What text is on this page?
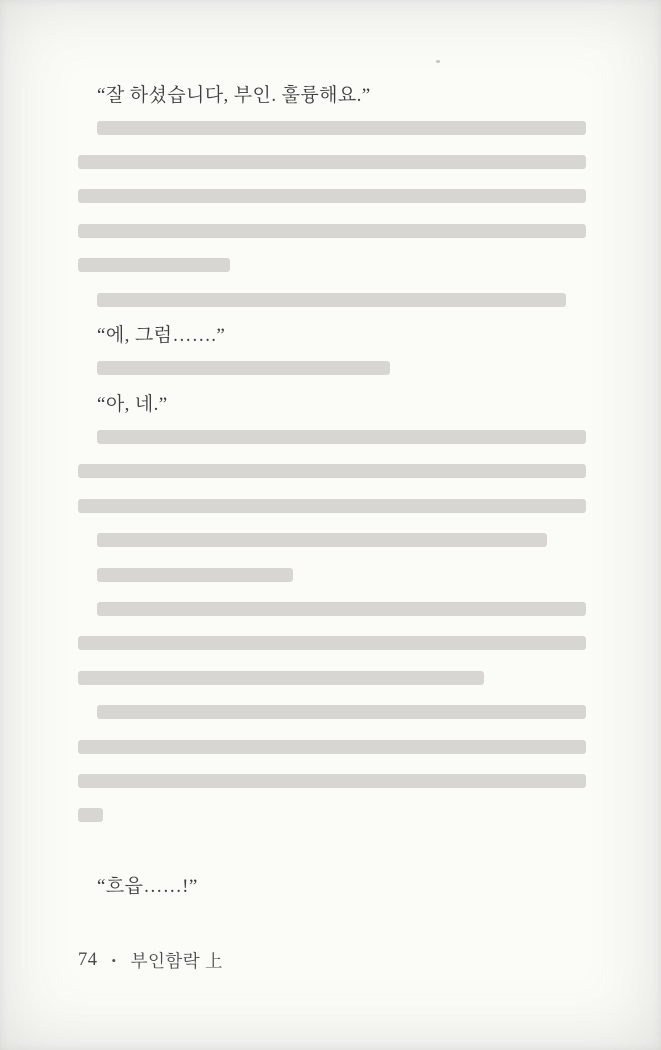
“잘 하셨습니다, 부인. 훌륭해요.”
“에, 그럼…….”
“아, 네.”
“흐읍……!”
74 • 부인함락 上
